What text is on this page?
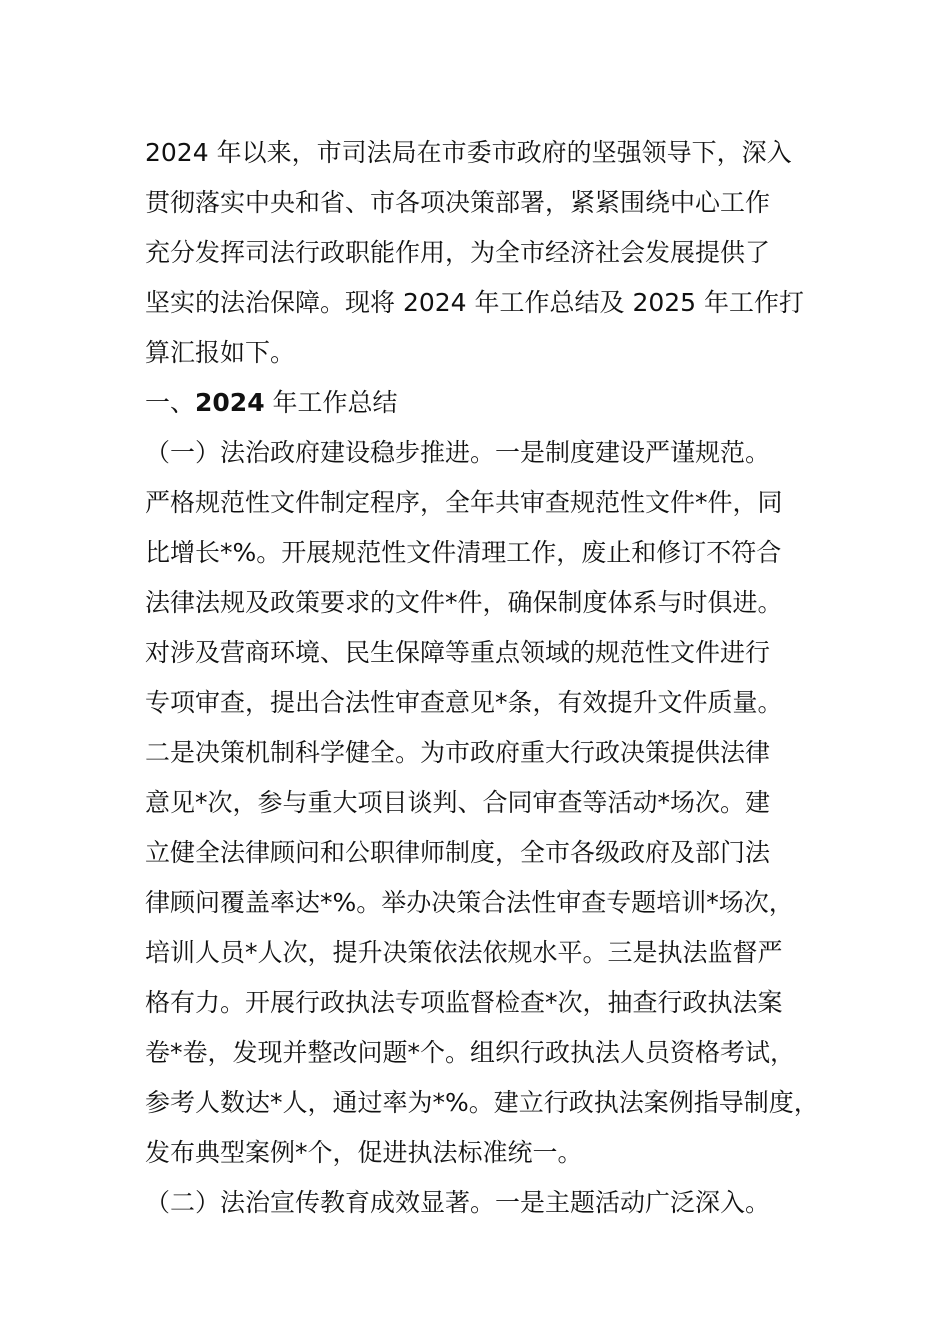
2024 年以来，市司法局在市委市政府的坚强领导下，深入
贯彻落实中央和省、市各项决策部署，紧紧围绕中心工作
充分发挥司法行政职能作用，为全市经济社会发展提供了
坚实的法治保障。现将 2024 年工作总结及 2025 年工作打
算汇报如下。
一、2024 年工作总结
（一）法治政府建设稳步推进。一是制度建设严谨规范。
严格规范性文件制定程序，全年共审查规范性文件*件，同
比增长*%。开展规范性文件清理工作，废止和修订不符合
法律法规及政策要求的文件*件，确保制度体系与时俱进。
对涉及营商环境、民生保障等重点领域的规范性文件进行
专项审查，提出合法性审查意见*条，有效提升文件质量。
二是决策机制科学健全。为市政府重大行政决策提供法律
意见*次，参与重大项目谈判、合同审查等活动*场次。建
立健全法律顾问和公职律师制度，全市各级政府及部门法
律顾问覆盖率达*%。举办决策合法性审查专题培训*场次，
培训人员*人次，提升决策依法依规水平。三是执法监督严
格有力。开展行政执法专项监督检查*次，抽查行政执法案
卷*卷，发现并整改问题*个。组织行政执法人员资格考试，
参考人数达*人，通过率为*%。建立行政执法案例指导制度，
发布典型案例*个，促进执法标准统一。
（二）法治宣传教育成效显著。一是主题活动广泛深入。
